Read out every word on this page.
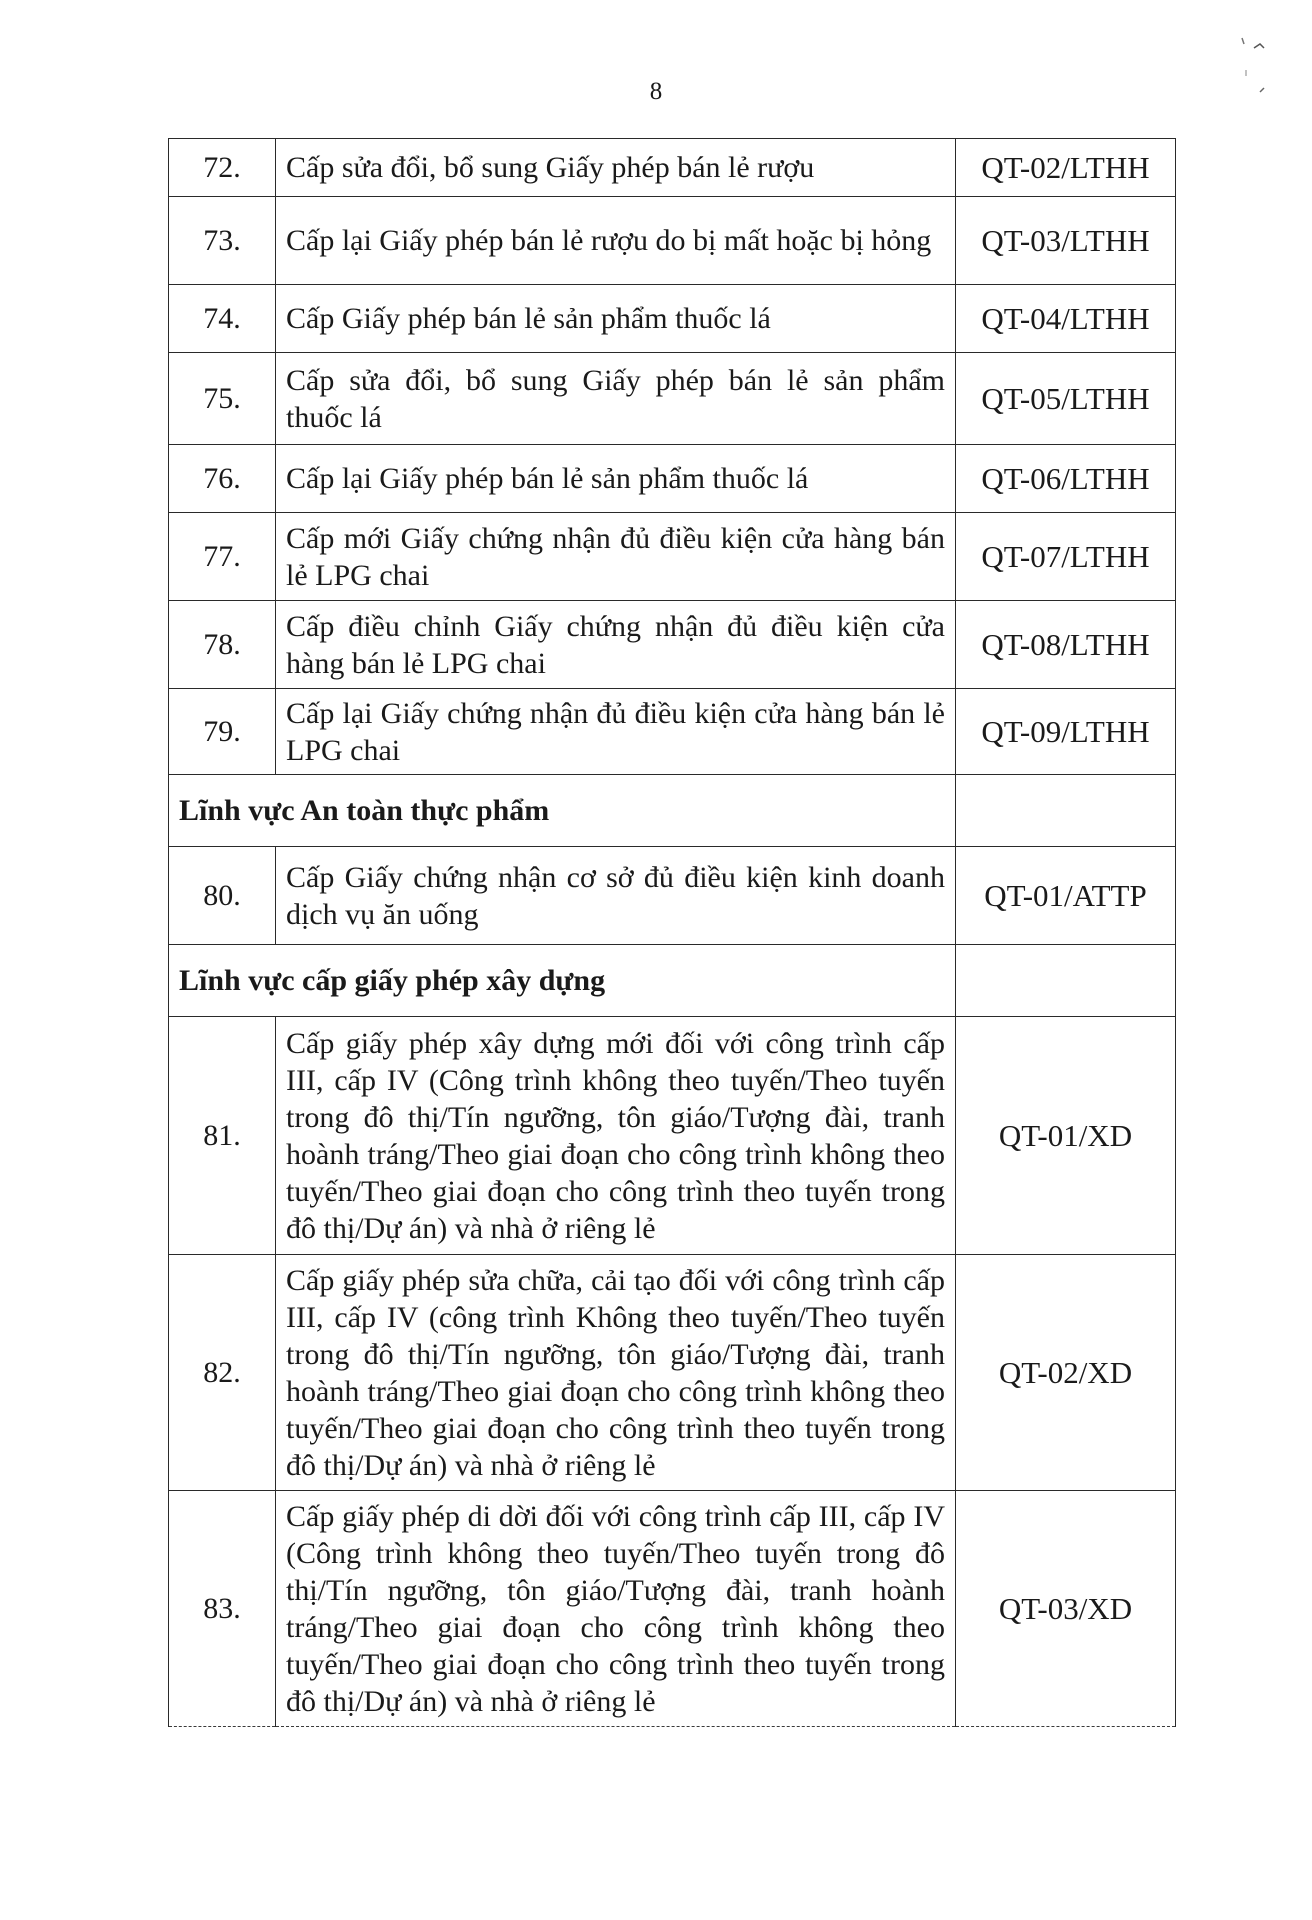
8
72.	Cấp sửa đổi, bổ sung Giấy phép bán lẻ rượu	QT-02/LTHH
73.	Cấp lại Giấy phép bán lẻ rượu do bị mất hoặc bị hỏng	QT-03/LTHH
74.	Cấp Giấy phép bán lẻ sản phẩm thuốc lá	QT-04/LTHH
75.	Cấp sửa đổi, bổ sung Giấy phép bán lẻ sản phẩm thuốc lá	QT-05/LTHH
76.	Cấp lại Giấy phép bán lẻ sản phẩm thuốc lá	QT-06/LTHH
77.	Cấp mới Giấy chứng nhận đủ điều kiện cửa hàng bán lẻ LPG chai	QT-07/LTHH
78.	Cấp điều chỉnh Giấy chứng nhận đủ điều kiện cửa hàng bán lẻ LPG chai	QT-08/LTHH
79.	Cấp lại Giấy chứng nhận đủ điều kiện cửa hàng bán lẻ LPG chai	QT-09/LTHH
Lĩnh vực An toàn thực phẩm		
80.	Cấp Giấy chứng nhận cơ sở đủ điều kiện kinh doanh dịch vụ ăn uống	QT-01/ATTP
Lĩnh vực cấp giấy phép xây dựng		
81.	Cấp giấy phép xây dựng mới đối với công trình cấp III, cấp IV (Công trình không theo tuyến/Theo tuyến trong đô thị/Tín ngưỡng, tôn giáo/Tượng đài, tranh hoành tráng/Theo giai đoạn cho công trình không theo tuyến/Theo giai đoạn cho công trình theo tuyến trong đô thị/Dự án) và nhà ở riêng lẻ	QT-01/XD
82.	Cấp giấy phép sửa chữa, cải tạo đối với công trình cấp III, cấp IV (công trình Không theo tuyến/Theo tuyến trong đô thị/Tín ngưỡng, tôn giáo/Tượng đài, tranh hoành tráng/Theo giai đoạn cho công trình không theo tuyến/Theo giai đoạn cho công trình theo tuyến trong đô thị/Dự án) và nhà ở riêng lẻ	QT-02/XD
83.	Cấp giấy phép di dời đối với công trình cấp III, cấp IV (Công trình không theo tuyến/Theo tuyến trong đô thị/Tín ngưỡng, tôn giáo/Tượng đài, tranh hoành tráng/Theo giai đoạn cho công trình không theo tuyến/Theo giai đoạn cho công trình theo tuyến trong đô thị/Dự án) và nhà ở riêng lẻ	QT-03/XD
